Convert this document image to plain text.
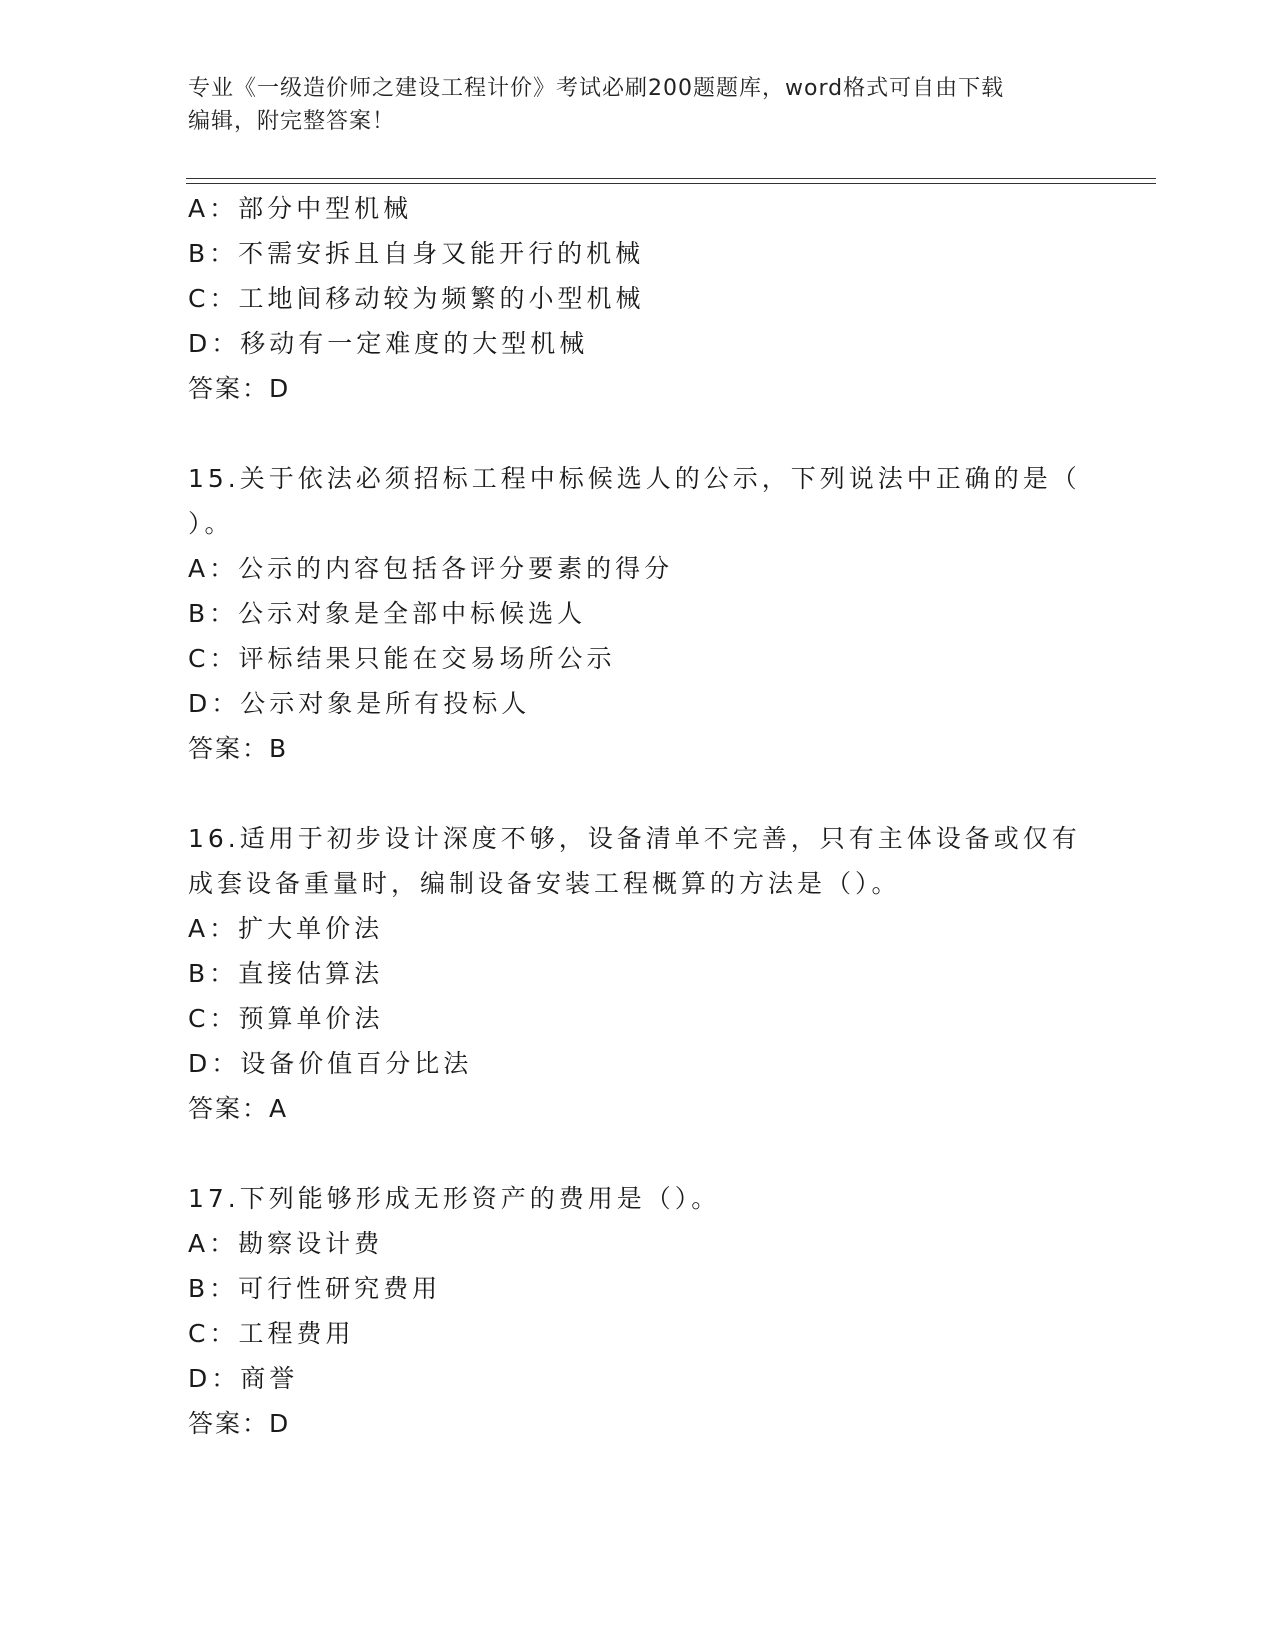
专业《一级造价师之建设工程计价》考试必刷200题题库，word格式可自由下载
编辑，附完整答案！
A：部分中型机械
B：不需安拆且自身又能开行的机械
C：工地间移动较为频繁的小型机械
D：移动有一定难度的大型机械
答案：D
15.关于依法必须招标工程中标候选人的公示，下列说法中正确的是（
）。
A：公示的内容包括各评分要素的得分
B：公示对象是全部中标候选人
C：评标结果只能在交易场所公示
D：公示对象是所有投标人
答案：B
16.适用于初步设计深度不够，设备清单不完善，只有主体设备或仅有
成套设备重量时，编制设备安装工程概算的方法是（）。
A：扩大单价法
B：直接估算法
C：预算单价法
D：设备价值百分比法
答案：A
17.下列能够形成无形资产的费用是（）。
A：勘察设计费
B：可行性研究费用
C：工程费用
D：商誉
答案：D
